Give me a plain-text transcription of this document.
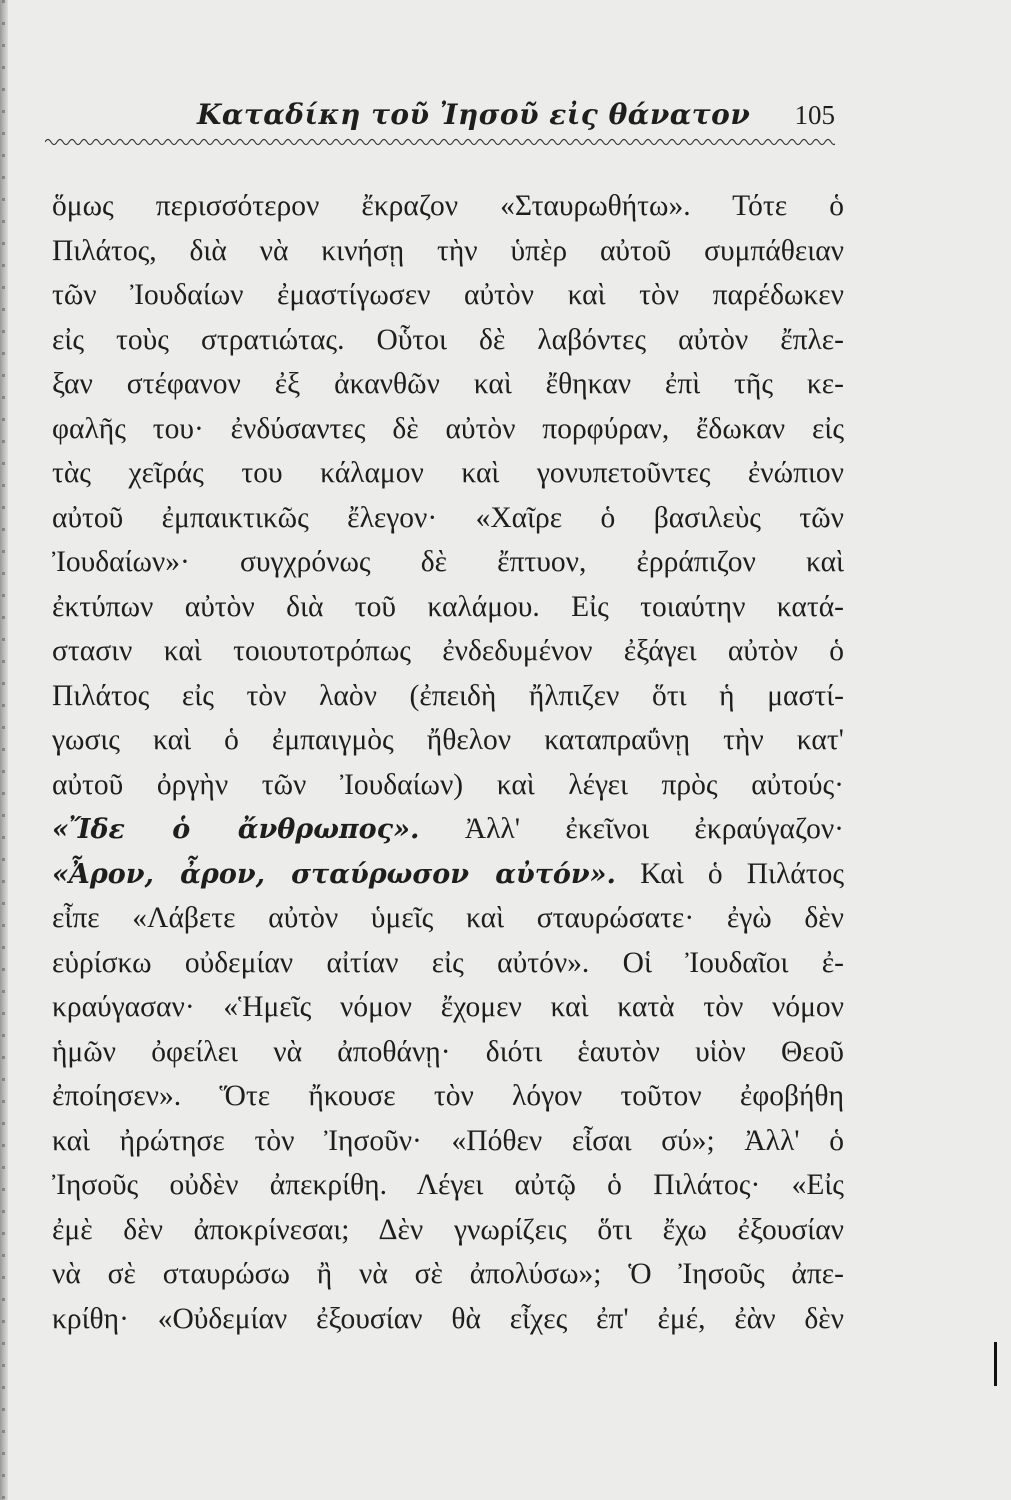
Καταδίκη τοῦ Ἰησοῦ εἰς θάνατον 105
ὅμως περισσότερον ἔκραζον «Σταυρωθήτω». Τότε ὁ
Πιλάτος, διὰ νὰ κινήσῃ τὴν ὑπὲρ αὐτοῦ συμπάθειαν
τῶν Ἰουδαίων ἐμαστίγωσεν αὐτὸν καὶ τὸν παρέδωκεν
εἰς τοὺς στρατιώτας. Οὗτοι δὲ λαβόντες αὐτὸν ἔπλε-
ξαν στέφανον ἐξ ἀκανθῶν καὶ ἔθηκαν ἐπὶ τῆς κε-
φαλῆς του· ἐνδύσαντες δὲ αὐτὸν πορφύραν, ἔδωκαν εἰς
τὰς χεῖράς του κάλαμον καὶ γονυπετοῦντες ἐνώπιον
αὐτοῦ ἐμπαικτικῶς ἔλεγον· «Χαῖρε ὁ βασιλεὺς τῶν
Ἰουδαίων»· συγχρόνως δὲ ἔπτυον, ἐρράπιζον καὶ
ἐκτύπων αὐτὸν διὰ τοῦ καλάμου. Εἰς τοιαύτην κατά-
στασιν καὶ τοιουτοτρόπως ἐνδεδυμένον ἐξάγει αὐτὸν ὁ
Πιλάτος εἰς τὸν λαὸν (ἐπειδὴ ἤλπιζεν ὅτι ἡ μαστί-
γωσις καὶ ὁ ἐμπαιγμὸς ἤθελον καταπραΰνῃ τὴν κατ'
αὐτοῦ ὀργὴν τῶν Ἰουδαίων) καὶ λέγει πρὸς αὐτούς·
«Ἴδε ὁ ἄνθρωπος». Ἀλλ' ἐκεῖνοι ἐκραύγαζον·
«Ἆρον, ἆρον, σταύρωσον αὐτόν». Καὶ ὁ Πιλάτος
εἶπε «Λάβετε αὐτὸν ὑμεῖς καὶ σταυρώσατε· ἐγὼ δὲν
εὑρίσκω οὐδεμίαν αἰτίαν εἰς αὐτόν». Οἱ Ἰουδαῖοι ἐ-
κραύγασαν· «Ἡμεῖς νόμον ἔχομεν καὶ κατὰ τὸν νόμον
ἡμῶν ὀφείλει νὰ ἀποθάνῃ· διότι ἑαυτὸν υἱὸν Θεοῦ
ἐποίησεν». Ὅτε ἤκουσε τὸν λόγον τοῦτον ἐφοβήθη
καὶ ἠρώτησε τὸν Ἰησοῦν· «Πόθεν εἶσαι σύ»; Ἀλλ' ὁ
Ἰησοῦς οὐδὲν ἀπεκρίθη. Λέγει αὐτῷ ὁ Πιλάτος· «Εἰς
ἐμὲ δὲν ἀποκρίνεσαι; Δὲν γνωρίζεις ὅτι ἔχω ἐξουσίαν
νὰ σὲ σταυρώσω ἢ νὰ σὲ ἀπολύσω»; Ὁ Ἰησοῦς ἀπε-
κρίθη· «Οὐδεμίαν ἐξουσίαν θὰ εἶχες ἐπ' ἐμέ, ἐὰν δὲν
